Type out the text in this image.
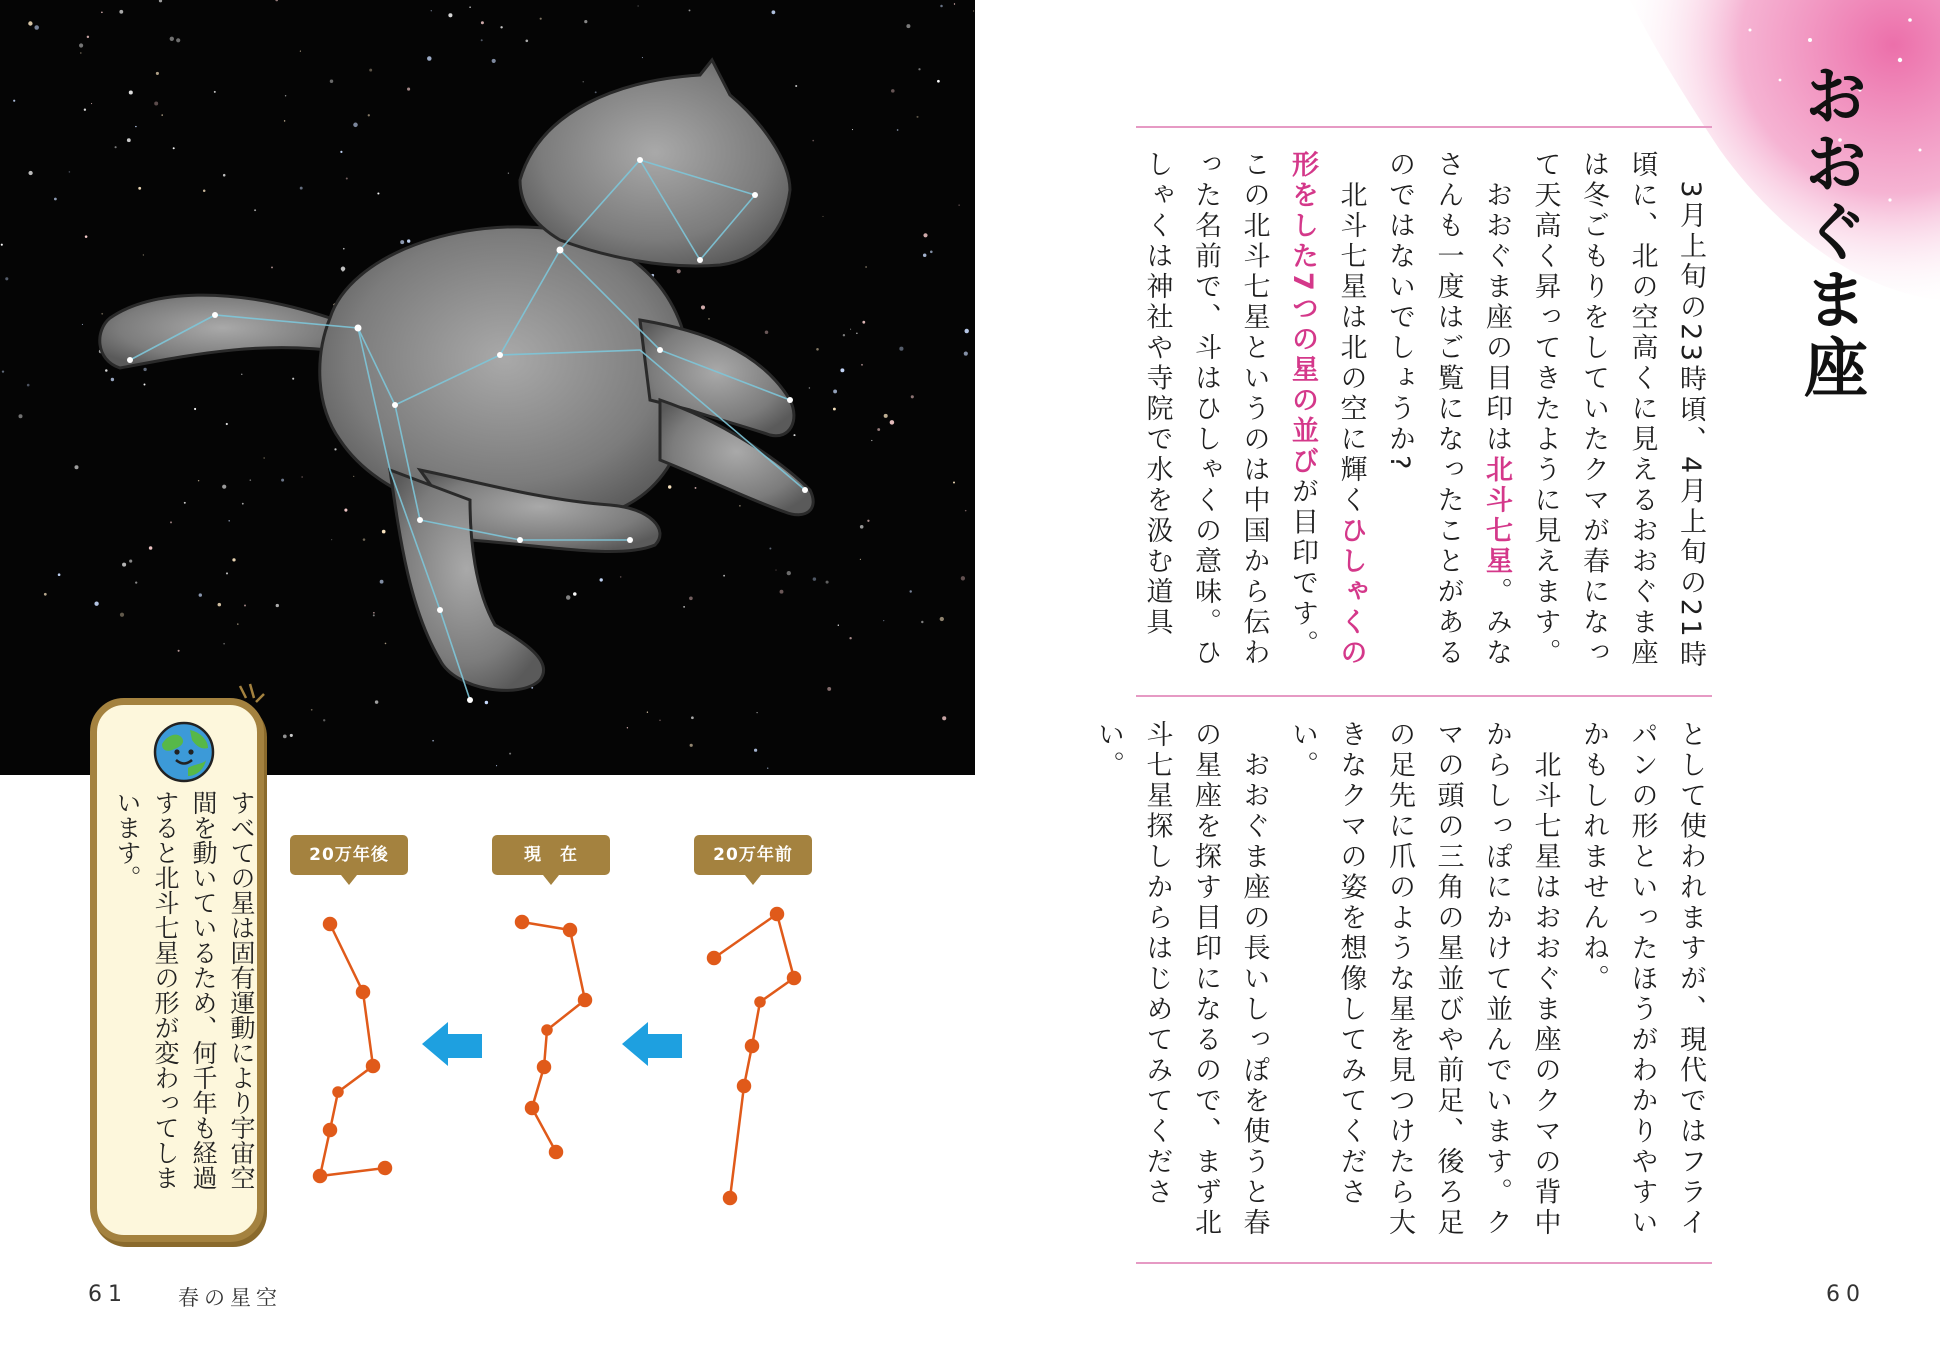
20万年後	現　在	20万年前
すべての星は固有運動により宇宙空間を動いているため、何千年も経過すると北斗七星の形が変わってしまいます。
61 春の星空
おおぐま座
　3月上旬の23時頃、4月上旬の21時頃に、北の空高くに見えるおおぐま座は冬ごもりをしていたクマが春になって天高く昇ってきたように見えます。
　おおぐま座の目印は北斗七星。みなさんも一度はご覧になったことがあるのではないでしょうか?
　北斗七星は北の空に輝くひしゃくの形をした7つの星の並びが目印です。この北斗七星というのは中国から伝わった名前で、斗はひしゃくの意味。ひしゃくは神社や寺院で水を汲む道具
として使われますが、現代ではフライパンの形といったほうがわかりやすいかもしれませんね。
　北斗七星はおおぐま座のクマの背中からしっぽにかけて並んでいます。クマの頭の三角の星並びや前足、後ろ足の足先に爪のような星を見つけたら大きなクマの姿を想像してみてください。
　おおぐま座の長いしっぽを使うと春の星座を探す目印になるので、まず北斗七星探しからはじめてみてください。
60
